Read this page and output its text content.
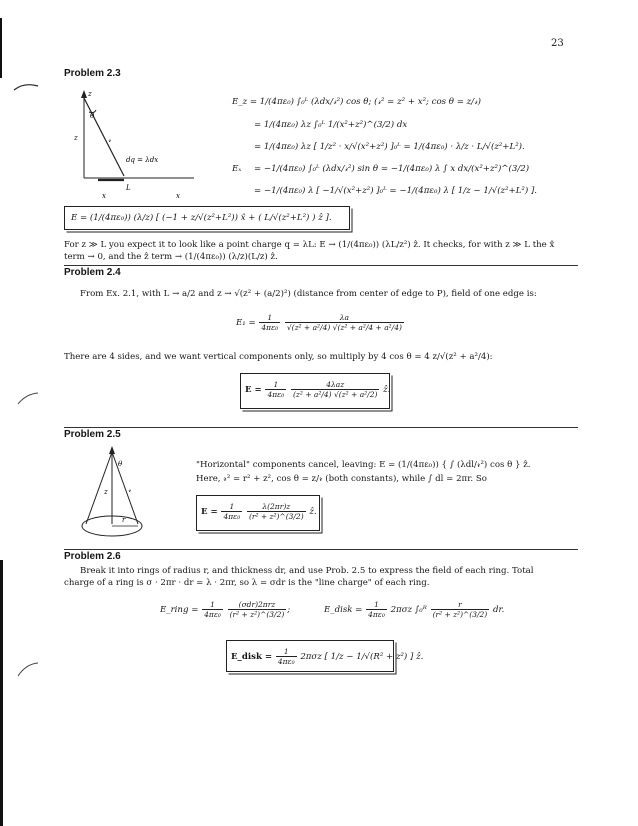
23
Problem 2.3
z
θ
𝓇
z
dq = λdx
L
x
x
E_z = 1/(4πε₀) ∫₀ᴸ (λdx/𝓇²) cos θ; (𝓇² = z² + x²; cos θ = z/𝓇)
= 1/(4πε₀) λz ∫₀ᴸ 1/(x²+z²)^(3/2) dx
= 1/(4πε₀) λz [ 1/z² · x/√(x²+z²) ]₀ᴸ = 1/(4πε₀) · λ/z · L/√(z²+L²).
Eₓ = −1/(4πε₀) ∫₀ᴸ (λdx/𝓇²) sin θ = −1/(4πε₀) λ ∫ x dx/(x²+z²)^(3/2)
= −1/(4πε₀) λ [ −1/√(x²+z²) ]₀ᴸ = −1/(4πε₀) λ [ 1/z − 1/√(z²+L²) ].
E = (1/(4πε₀)) (λ/z) [ (−1 + z/√(z²+L²)) x̂ + ( L/√(z²+L²) ) ẑ ].
For z ≫ L you expect it to look like a point charge q = λL: E → (1/(4πε₀)) (λL/z²) ẑ. It checks, for with z ≫ L the x̂
term → 0, and the ẑ term → (1/(4πε₀)) (λ/z)(L/z) ẑ.
Problem 2.4
From Ex. 2.1, with L → a/2 and z → √(z² + (a/2)²) (distance from center of edge to P), field of one edge is:
$E_1 = \frac{1}{\text{4πε₀}}$
$\frac{\lambda a}{\text{√(z² + a²/4) √(z² + a²/4 + a²/4)}}$
There are 4 sides, and we want vertical components only, so multiply by 4 cos θ = 4 z/√(z² + a²/4):
$E = \frac{1}{\text{4πε₀}}$
$\frac{\text{4λaz}}{\text{(z² + a²/4) √(z² + a²/2)}}$ ẑ.
Problem 2.5
z
θ
𝓇
r
"Horizontal" components cancel, leaving: E = (1/(4πε₀)) { ∫ (λdl/𝓇²) cos θ } ẑ.
Here, 𝓇² = r² + z², cos θ = z/𝓇 (both constants), while ∫ dl = 2πr. So
$E = \frac{1}{\text{4πε₀}}$
$\frac{\lambda(2\pi r)z}{\text{(r² + z²)\textasciicircum{}(3/2)}}$ ẑ.
Problem 2.6
Break it into rings of radius r, and thickness dr, and use Prob. 2.5 to express the field of each ring. Total
charge of a ring is σ · 2πr · dr = λ · 2πr, so λ = σdr is the "line charge" of each ring.
E_ring = $\frac{1}{\text{4πε₀}}$
$\frac{\text{(σdr)2πrz}}{\text{(r² + z²)\textasciicircum{}(3/2)}}$ ;	E_disk = $\frac{1}{\text{4πε₀}} 2\pi\sigma z$ ∫₀ᴿ $\frac{r}{\text{(r² + z²)\textasciicircum{}(3/2)}}$ dr.
E_disk = $\frac{1}{\text{4πε₀}} 2\pi\sigma z$ [ 1/z − 1/√(R² + z²) ] ẑ.
